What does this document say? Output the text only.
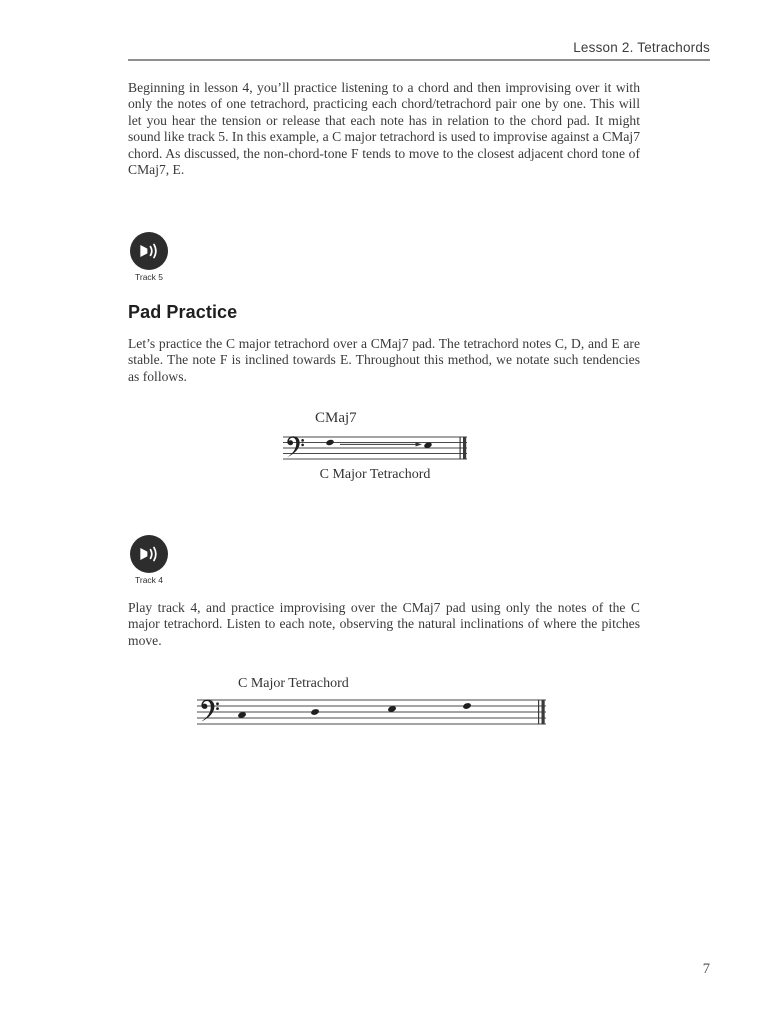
Lesson 2. Tetrachords
Beginning in lesson 4, you’ll practice listening to a chord and then improvising over it with only the notes of one tetrachord, practicing each chord/tetrachord pair one by one. This will let you hear the tension or release that each note has in relation to the chord pad. It might sound like track 5. In this example, a C major tetrachord is used to improvise against a CMaj7 chord. As discussed, the non-chord-tone F tends to move to the closest adjacent chord tone of CMaj7, E.
Track 5
Pad Practice
Let’s practice the C major tetrachord over a CMaj7 pad. The tetrachord notes C, D, and E are stable. The note F is inclined towards E. Throughout this method, we notate such tendencies as follows.
CMaj7
C Major Tetrachord
Track 4
Play track 4, and practice improvising over the CMaj7 pad using only the notes of the C major tetrachord. Listen to each note, observing the natural inclinations of where the pitches move.
C Major Tetrachord
7
